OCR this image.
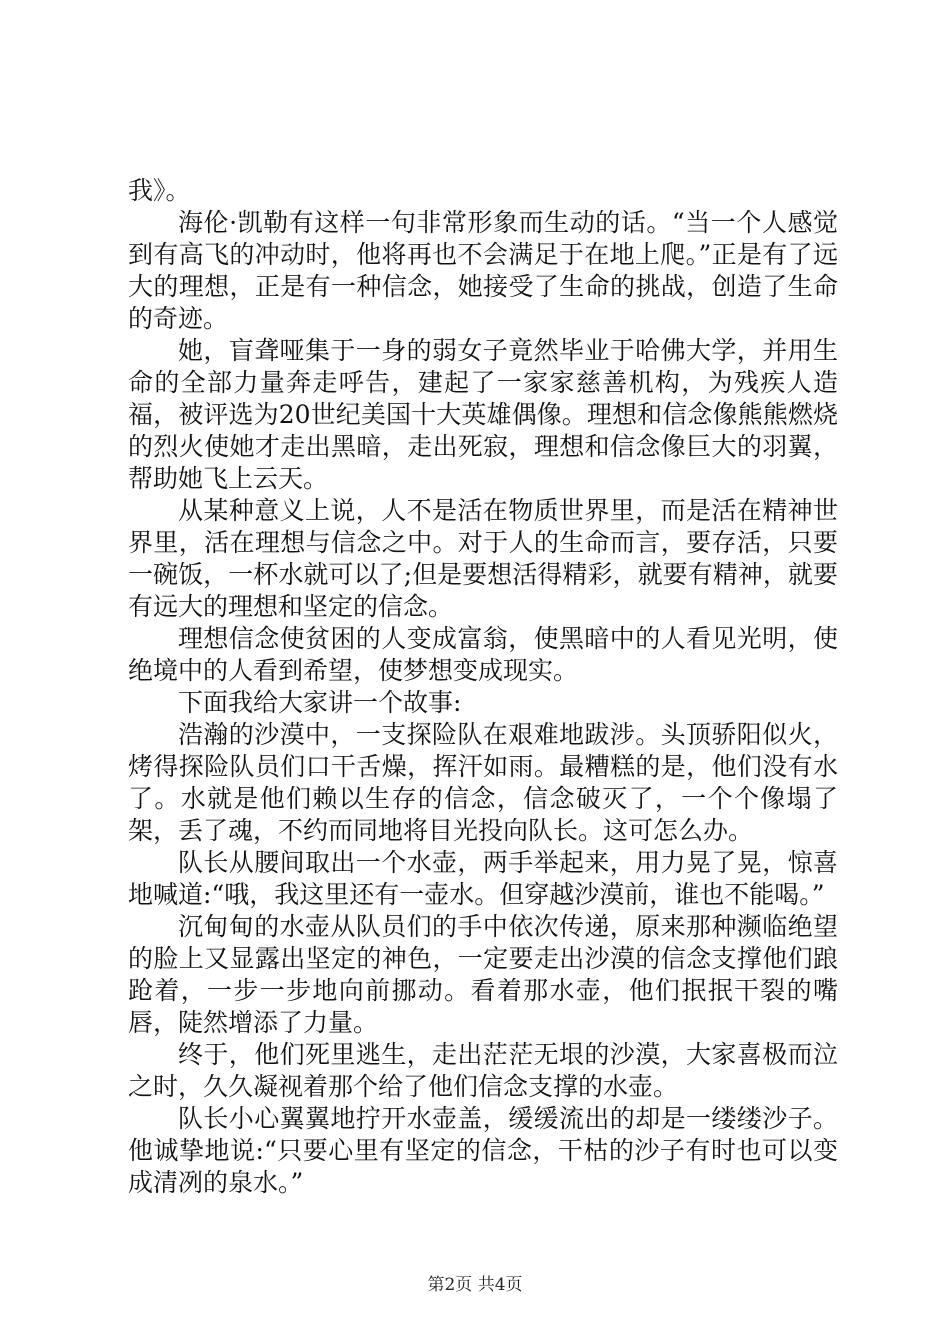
我》。

海伦·凯勒有这样一句非常形象而生动的话。“当一个人感觉到有高飞的冲动时，他将再也不会满足于在地上爬。”正是有了远大的理想，正是有一种信念，她接受了生命的挑战，创造了生命的奇迹。

她，盲聋哑集于一身的弱女子竟然毕业于哈佛大学，并用生命的全部力量奔走呼告，建起了一家家慈善机构，为残疾人造福，被评选为20世纪美国十大英雄偶像。理想和信念像熊熊燃烧的烈火使她才走出黑暗，走出死寂，理想和信念像巨大的羽翼，帮助她飞上云天。

从某种意义上说，人不是活在物质世界里，而是活在精神世界里，活在理想与信念之中。对于人的生命而言，要存活，只要一碗饭，一杯水就可以了;但是要想活得精彩，就要有精神，就要有远大的理想和坚定的信念。

理想信念使贫困的人变成富翁，使黑暗中的人看见光明，使绝境中的人看到希望，使梦想变成现实。

下面我给大家讲一个故事:

浩瀚的沙漠中，一支探险队在艰难地跋涉。头顶骄阳似火，烤得探险队员们口干舌燥，挥汗如雨。最糟糕的是，他们没有水了。水就是他们赖以生存的信念，信念破灭了，一个个像塌了架，丢了魂，不约而同地将目光投向队长。这可怎么办。

队长从腰间取出一个水壶，两手举起来，用力晃了晃，惊喜地喊道:“哦，我这里还有一壶水。但穿越沙漠前，谁也不能喝。”

沉甸甸的水壶从队员们的手中依次传递，原来那种濒临绝望的脸上又显露出坚定的神色，一定要走出沙漠的信念支撑他们踉跄着，一步一步地向前挪动。看着那水壶，他们抿抿干裂的嘴唇，陡然增添了力量。

终于，他们死里逃生，走出茫茫无垠的沙漠，大家喜极而泣之时，久久凝视着那个给了他们信念支撑的水壶。

队长小心翼翼地拧开水壶盖，缓缓流出的却是一缕缕沙子。他诚挚地说:“只要心里有坚定的信念，干枯的沙子有时也可以变成清冽的泉水。”

第2页 共4页
